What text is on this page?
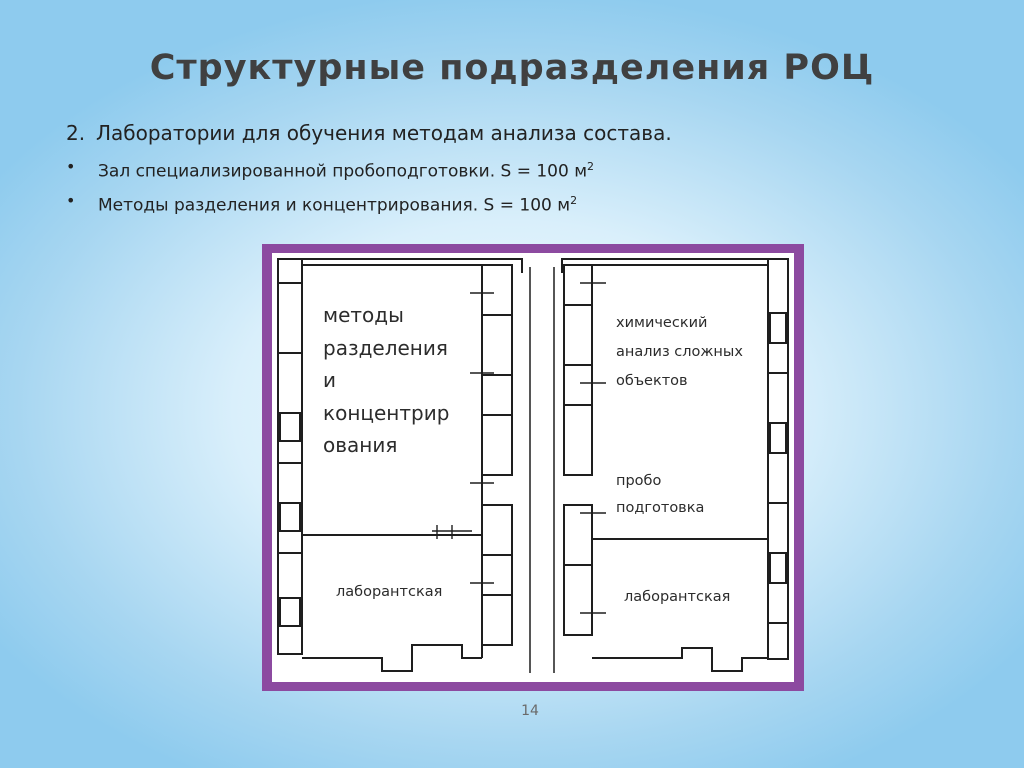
Структурные подразделения РОЦ
2. Лаборатории для обучения методам анализа состава.
• Зал специализированной пробоподготовки. S = 100 $м^2$
• Методы разделения и концентрирования. S = 100 $м^2$
методы
разделения
и
концентрир
ования
химический
анализ сложных
объектов
пробо
подготовка
лаборантская	лаборантская
14
